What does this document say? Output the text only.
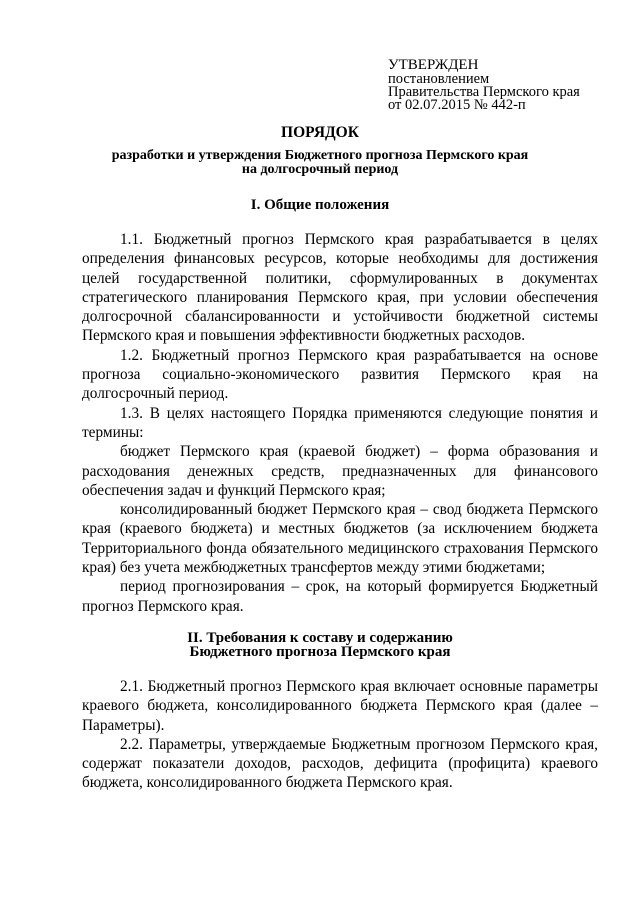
УТВЕРЖДЕН
постановлением
Правительства Пермского края
от 02.07.2015 № 442-п
ПОРЯДОК
разработки и утверждения Бюджетного прогноза Пермского края
на долгосрочный период
I. Общие положения

1.1. Бюджетный прогноз Пермского края разрабатывается в целях определения финансовых ресурсов, которые необходимы для достижения целей государственной политики, сформулированных в документах стратегического планирования Пермского края, при условии обеспечения долгосрочной сбалансированности и устойчивости бюджетной системы Пермского края и повышения эффективности бюджетных расходов.

1.2. Бюджетный прогноз Пермского края разрабатывается на основе прогноза социально-экономического развития Пермского края на долгосрочный период.

1.3. В целях настоящего Порядка применяются следующие понятия и термины:

бюджет Пермского края (краевой бюджет) – форма образования и расходования денежных средств, предназначенных для финансового обеспечения задач и функций Пермского края;

консолидированный бюджет Пермского края – свод бюджета Пермского края (краевого бюджета) и местных бюджетов (за исключением бюджета Территориального фонда обязательного медицинского страхования Пермского края) без учета межбюджетных трансфертов между этими бюджетами;

период прогнозирования – срок, на который формируется Бюджетный прогноз Пермского края.

II. Требования к составу и содержанию
Бюджетного прогноза Пермского края

2.1. Бюджетный прогноз Пермского края включает основные параметры краевого бюджета, консолидированного бюджета Пермского края (далее – Параметры).

2.2. Параметры, утверждаемые Бюджетным прогнозом Пермского края, содержат показатели доходов, расходов, дефицита (профицита) краевого бюджета, консолидированного бюджета Пермского края.
